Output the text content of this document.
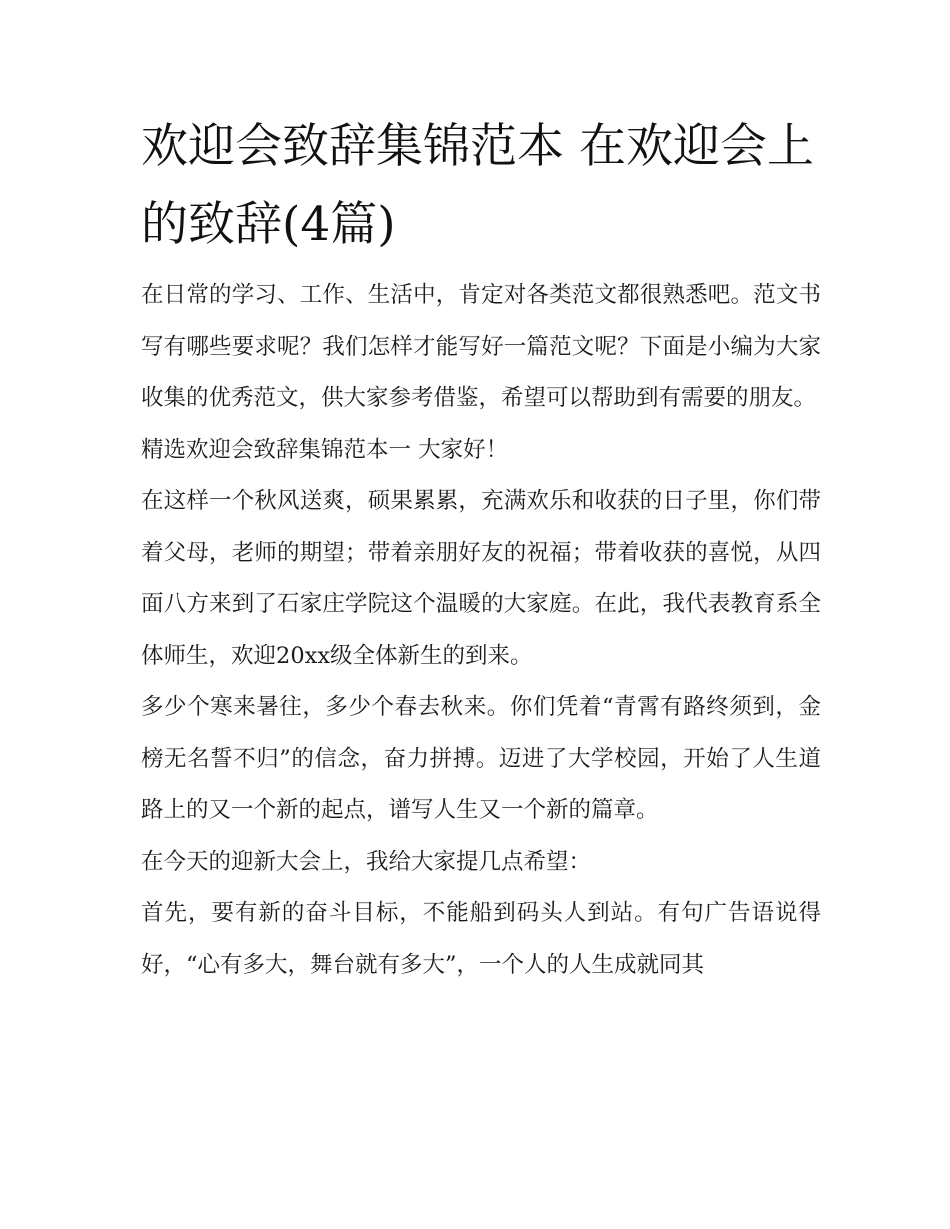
欢迎会致辞集锦范本 在欢迎会上的致辞(4篇)

在日常的学习、工作、生活中，肯定对各类范文都很熟悉吧。范文书写有哪些要求呢？我们怎样才能写好一篇范文呢？下面是小编为大家收集的优秀范文，供大家参考借鉴，希望可以帮助到有需要的朋友。

精选欢迎会致辞集锦范本一 大家好！

在这样一个秋风送爽，硕果累累，充满欢乐和收获的日子里，你们带着父母，老师的期望；带着亲朋好友的祝福；带着收获的喜悦，从四面八方来到了石家庄学院这个温暖的大家庭。在此，我代表教育系全体师生，欢迎20xx级全体新生的到来。

多少个寒来暑往，多少个春去秋来。你们凭着“青霄有路终须到，金榜无名誓不归”的信念，奋力拼搏。迈进了大学校园，开始了人生道路上的又一个新的起点，谱写人生又一个新的篇章。

在今天的迎新大会上，我给大家提几点希望：

首先，要有新的奋斗目标，不能船到码头人到站。有句广告语说得好，“心有多大，舞台就有多大”，一个人的人生成就同其
